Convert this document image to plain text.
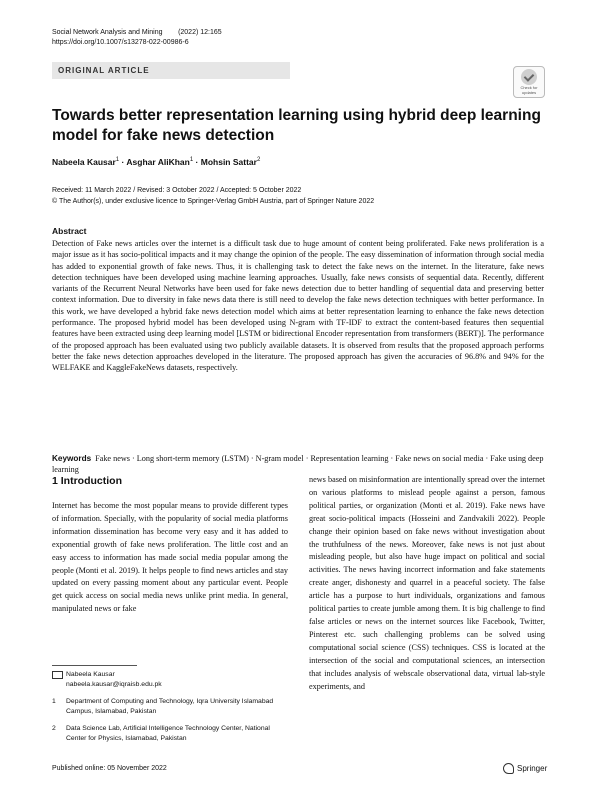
Social Network Analysis and Mining (2022) 12:165
https://doi.org/10.1007/s13278-022-00986-6
ORIGINAL ARTICLE
Check for
updates
Towards better representation learning using hybrid deep learning model for fake news detection
Nabeela Kausar$^1$ · Asghar AliKhan$^1$ · Mohsin Sattar$^2$
Received: 11 March 2022 / Revised: 3 October 2022 / Accepted: 5 October 2022
© The Author(s), under exclusive licence to Springer-Verlag GmbH Austria, part of Springer Nature 2022
Abstract

Detection of Fake news articles over the internet is a difficult task due to huge amount of content being proliferated. Fake news proliferation is a major issue as it has socio-political impacts and it may change the opinion of the people. The easy dissemination of information through social media has added to exponential growth of fake news. Thus, it is challenging task to detect the fake news on the internet. In the literature, fake news detection techniques have been developed using machine learning approaches. Usually, fake news consists of sequential data. Recently, different variants of the Recurrent Neural Networks have been used for fake news detection due to better handling of sequential data and preserving better context information. Due to diversity in fake news data there is still need to develop the fake news detection techniques with better performance. In this work, we have developed a hybrid fake news detection model which aims at better representation learning to enhance the fake news detection performance. The proposed hybrid model has been developed using N-gram with TF-IDF to extract the content-based features then sequential features have been extracted using deep learning model [LSTM or bidirectional Encoder representation from transformers (BERT)]. The performance of the proposed approach has been evaluated using two publicly available datasets. It is observed from results that the proposed approach performs better the fake news detection approaches developed in the literature. The proposed approach has given the accuracies of 96.8% and 94% for the WELFAKE and KaggleFakeNews datasets, respectively.

Keywords Fake news · Long short-term memory (LSTM) · N-gram model · Representation learning · Fake news on social media · Fake using deep learning
1 Introduction

Internet has become the most popular means to provide different types of information. Specially, with the popularity of social media platforms information dissemination has become very easy and it has added to exponential growth of fake news proliferation. The little cost and an easy access to information has made social media popular among the people (Monti et al. 2019). It helps people to find news articles and stay updated on every passing moment about any particular event. People get quick access on social media news unlike print media. In general, manipulated news or fake

news based on misinformation are intentionally spread over the internet on various platforms to mislead people against a person, famous political parties, or organization (Monti et al. 2019). Fake news have great socio-political impacts (Hosseini and Zandvakili 2022). People change their opinion based on fake news without investigation about the truthfulness of the news. Moreover, fake news is not just about misleading people, but also have huge impact on political and social activities. The news having incorrect information and fake statements create anger, dishonesty and quarrel in a peaceful society. The false article has a purpose to hurt individuals, organizations and famous political parties to create jumble among them. It is big challenge to find false articles or news on the internet sources like Facebook, Twitter, Pinterest etc. such challenging problems can be solved using computational social science (CSS) techniques. CSS is located at the intersection of the social and computational sciences, an intersection that includes analysis of webscale observational data, virtual lab-style experiments, and

Nabeela Kausar
nabeela.kausar@iqraisb.edu.pk
1	Department of Computing and Technology, Iqra University Islamabad Campus, Islamabad, Pakistan
2	Data Science Lab, Artificial Intelligence Technology Center, National Center for Physics, Islamabad, Pakistan
Published online: 05 November 2022	Springer
